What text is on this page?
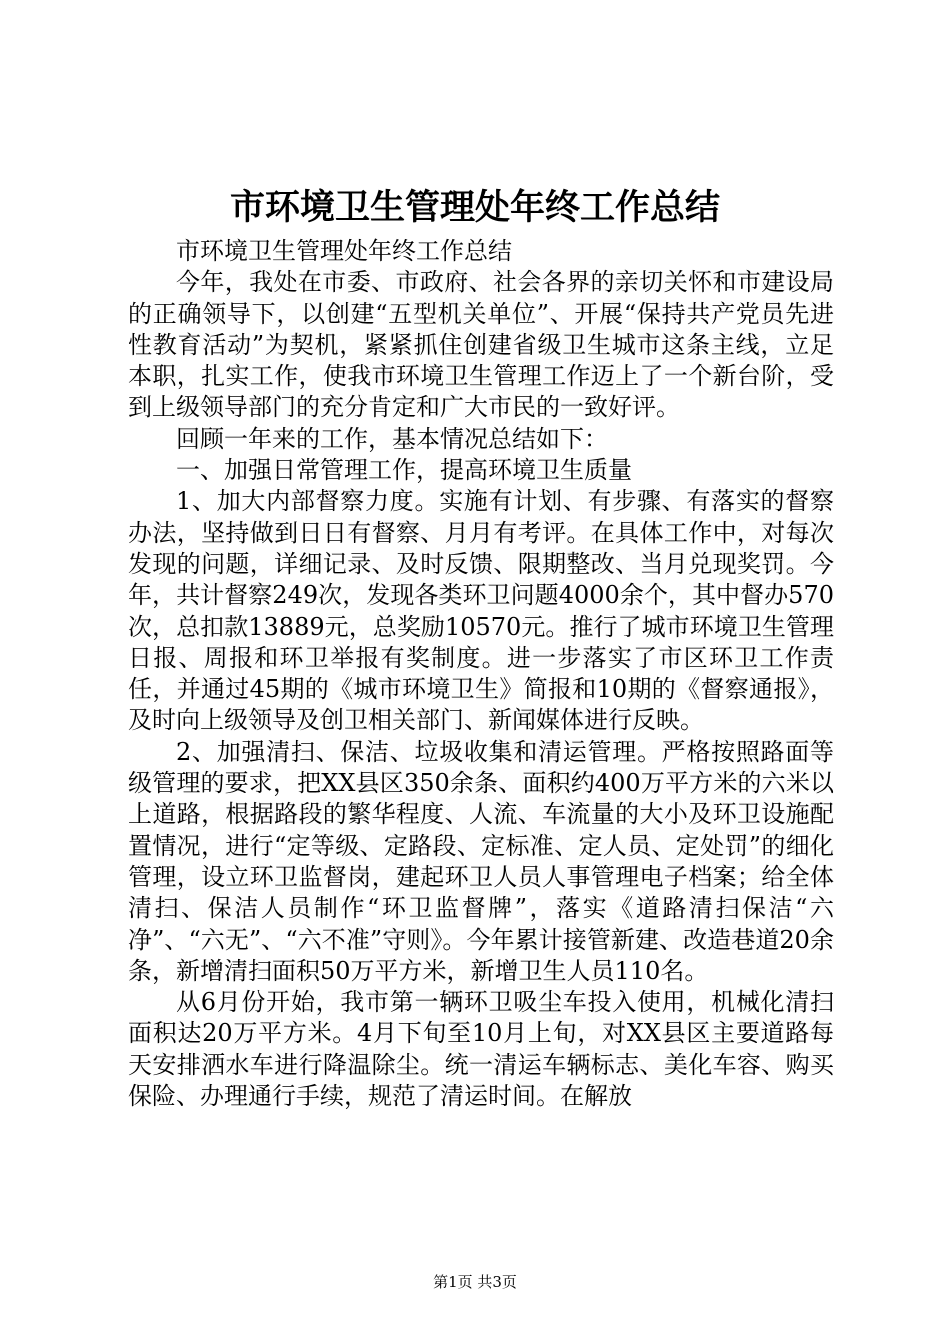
市环境卫生管理处年终工作总结

市环境卫生管理处年终工作总结

今年，我处在市委、市政府、社会各界的亲切关怀和市建设局的正确领导下，以创建“五型机关单位”、开展“保持共产党员先进性教育活动”为契机，紧紧抓住创建省级卫生城市这条主线，立足本职，扎实工作，使我市环境卫生管理工作迈上了一个新台阶，受到上级领导部门的充分肯定和广大市民的一致好评。

回顾一年来的工作，基本情况总结如下：

一、加强日常管理工作，提高环境卫生质量

1、加大内部督察力度。实施有计划、有步骤、有落实的督察办法，坚持做到日日有督察、月月有考评。在具体工作中，对每次发现的问题，详细记录、及时反馈、限期整改、当月兑现奖罚。今年，共计督察249次，发现各类环卫问题4000余个，其中督办570次，总扣款13889元，总奖励10570元。推行了城市环境卫生管理日报、周报和环卫举报有奖制度。进一步落实了市区环卫工作责任，并通过45期的《城市环境卫生》简报和10期的《督察通报》，及时向上级领导及创卫相关部门、新闻媒体进行反映。

2、加强清扫、保洁、垃圾收集和清运管理。严格按照路面等级管理的要求，把XX县区350余条、面积约400万平方米的六米以上道路，根据路段的繁华程度、人流、车流量的大小及环卫设施配置情况，进行“定等级、定路段、定标准、定人员、定处罚”的细化管理，设立环卫监督岗，建起环卫人员人事管理电子档案；给全体清扫、保洁人员制作“环卫监督牌”，落实《道路清扫保洁“六净”、“六无”、“六不准”守则》。今年累计接管新建、改造巷道20余条，新增清扫面积50万平方米，新增卫生人员110名。

从6月份开始，我市第一辆环卫吸尘车投入使用，机械化清扫面积达20万平方米。4月下旬至10月上旬，对XX县区主要道路每天安排洒水车进行降温除尘。统一清运车辆标志、美化车容、购买保险、办理通行手续，规范了清运时间。在解放

第1页 共3页
